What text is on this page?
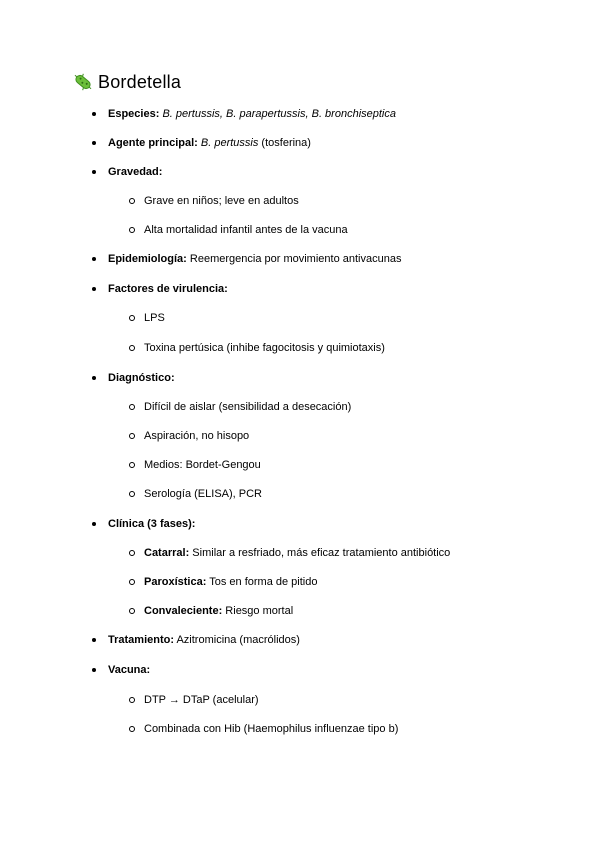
Bordetella
Especies: B. pertussis, B. parapertussis, B. bronchiseptica
Agente principal: B. pertussis (tosferina)
Gravedad:
Grave en niños; leve en adultos
Alta mortalidad infantil antes de la vacuna
Epidemiología: Reemergencia por movimiento antivacunas
Factores de virulencia:
LPS
Toxina pertúsica (inhibe fagocitosis y quimiotaxis)
Diagnóstico:
Difícil de aislar (sensibilidad a desecación)
Aspiración, no hisopo
Medios: Bordet-Gengou
Serología (ELISA), PCR
Clínica (3 fases):
Catarral: Similar a resfriado, más eficaz tratamiento antibiótico
Paroxística: Tos en forma de pitido
Convaleciente: Riesgo mortal
Tratamiento: Azitromicina (macrólidos)
Vacuna:
DTP → DTaP (acelular)
Combinada con Hib (Haemophilus influenzae tipo b)
